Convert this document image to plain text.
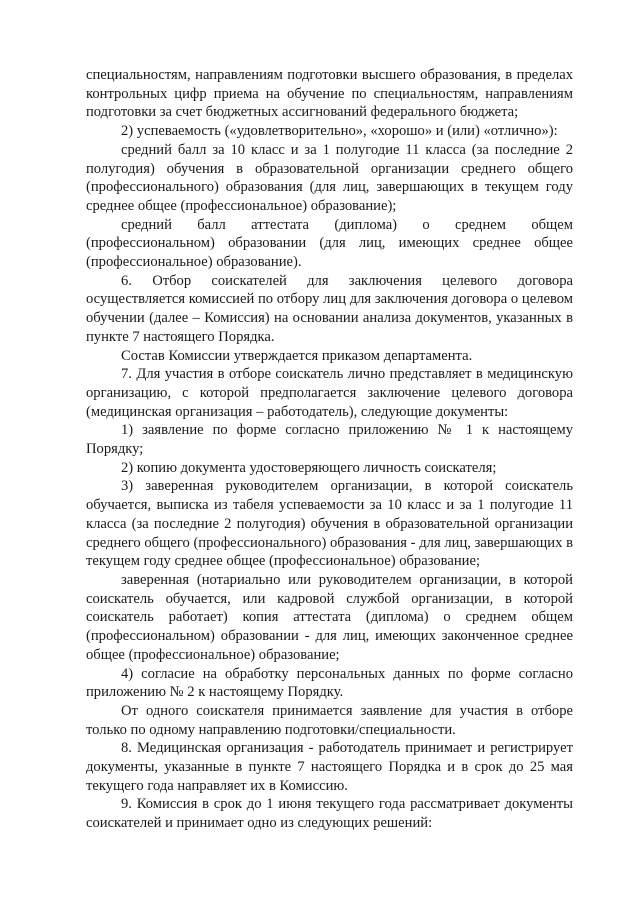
специальностям, направлениям подготовки высшего образования, в пределах контрольных цифр приема на обучение по специальностям, направлениям подготовки за счет бюджетных ассигнований федерального бюджета;

2) успеваемость («удовлетворительно», «хорошо» и (или) «отлично»):

средний балл за 10 класс и за 1 полугодие 11 класса (за последние 2 полугодия) обучения в образовательной организации среднего общего (профессионального) образования (для лиц, завершающих в текущем году среднее общее (профессиональное) образование);

средний балл аттестата (диплома) о среднем общем (профессиональном) образовании (для лиц, имеющих среднее общее (профессиональное) образование).

6. Отбор соискателей для заключения целевого договора осуществляется комиссией по отбору лиц для заключения договора о целевом обучении (далее – Комиссия) на основании анализа документов, указанных в пункте 7 настоящего Порядка.

Состав Комиссии утверждается приказом департамента.

7. Для участия в отборе соискатель лично представляет в медицинскую организацию, с которой предполагается заключение целевого договора (медицинская организация – работодатель), следующие документы:

1) заявление по форме согласно приложению № 1 к настоящему Порядку;

2) копию документа удостоверяющего личность соискателя;

3) заверенная руководителем организации, в которой соискатель обучается, выписка из табеля успеваемости за 10 класс и за 1 полугодие 11 класса (за последние 2 полугодия) обучения в образовательной организации среднего общего (профессионального) образования - для лиц, завершающих в текущем году среднее общее (профессиональное) образование;

заверенная (нотариально или руководителем организации, в которой соискатель обучается, или кадровой службой организации, в которой соискатель работает) копия аттестата (диплома) о среднем общем (профессиональном) образовании - для лиц, имеющих законченное среднее общее (профессиональное) образование;

4) согласие на обработку персональных данных по форме согласно приложению № 2 к настоящему Порядку.

От одного соискателя принимается заявление для участия в отборе только по одному направлению подготовки/специальности.

8. Медицинская организация - работодатель принимает и регистрирует документы, указанные в пункте 7 настоящего Порядка и в срок до 25 мая текущего года направляет их в Комиссию.

9. Комиссия в срок до 1 июня текущего года рассматривает документы соискателей и принимает одно из следующих решений:
